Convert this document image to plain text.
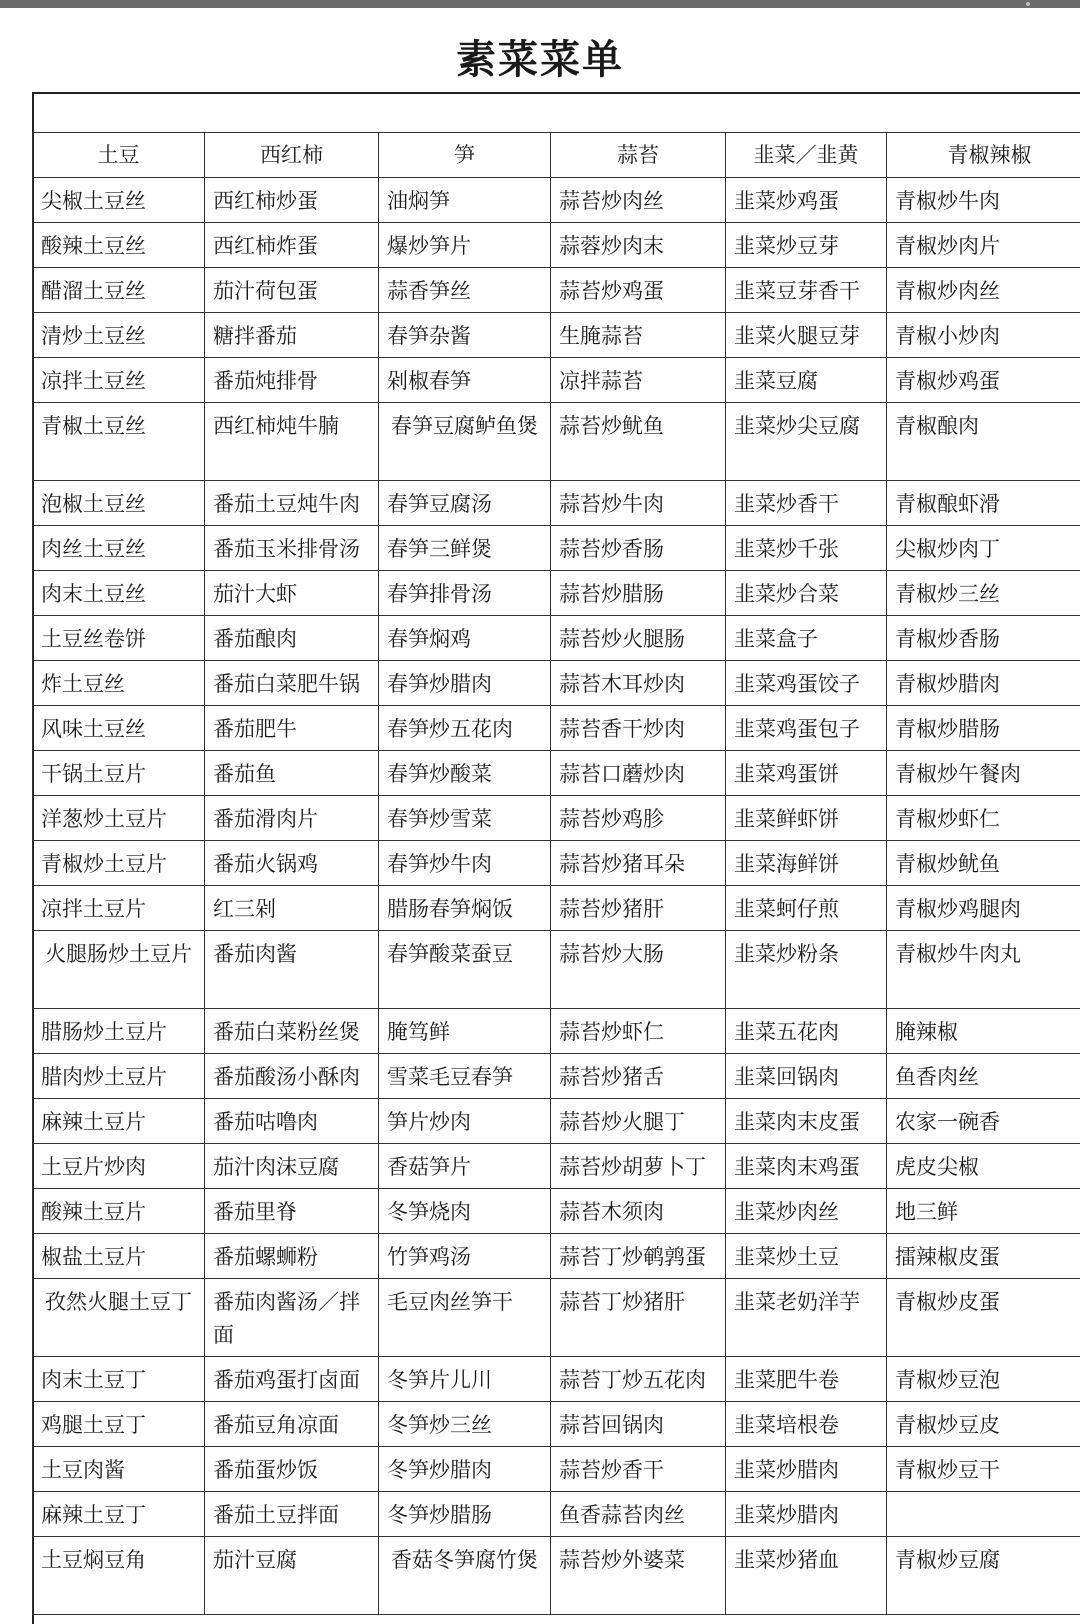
素菜菜单
土豆	西红柿	笋	蒜苔	韭菜／韭黄	青椒辣椒
尖椒土豆丝	西红柿炒蛋	油焖笋	蒜苔炒肉丝	韭菜炒鸡蛋	青椒炒牛肉
酸辣土豆丝	西红柿炸蛋	爆炒笋片	蒜蓉炒肉末	韭菜炒豆芽	青椒炒肉片
醋溜土豆丝	茄汁荷包蛋	蒜香笋丝	蒜苔炒鸡蛋	韭菜豆芽香干	青椒炒肉丝
清炒土豆丝	糖拌番茄	春笋杂酱	生腌蒜苔	韭菜火腿豆芽	青椒小炒肉
凉拌土豆丝	番茄炖排骨	剁椒春笋	凉拌蒜苔	韭菜豆腐	青椒炒鸡蛋
青椒土豆丝	西红柿炖牛腩	春笋豆腐鲈鱼煲	蒜苔炒鱿鱼	韭菜炒尖豆腐	青椒酿肉
泡椒土豆丝	番茄土豆炖牛肉	春笋豆腐汤	蒜苔炒牛肉	韭菜炒香干	青椒酿虾滑
肉丝土豆丝	番茄玉米排骨汤	春笋三鲜煲	蒜苔炒香肠	韭菜炒千张	尖椒炒肉丁
肉末土豆丝	茄汁大虾	春笋排骨汤	蒜苔炒腊肠	韭菜炒合菜	青椒炒三丝
土豆丝卷饼	番茄酿肉	春笋焖鸡	蒜苔炒火腿肠	韭菜盒子	青椒炒香肠
炸土豆丝	番茄白菜肥牛锅	春笋炒腊肉	蒜苔木耳炒肉	韭菜鸡蛋饺子	青椒炒腊肉
风味土豆丝	番茄肥牛	春笋炒五花肉	蒜苔香干炒肉	韭菜鸡蛋包子	青椒炒腊肠
干锅土豆片	番茄鱼	春笋炒酸菜	蒜苔口蘑炒肉	韭菜鸡蛋饼	青椒炒午餐肉
洋葱炒土豆片	番茄滑肉片	春笋炒雪菜	蒜苔炒鸡胗	韭菜鲜虾饼	青椒炒虾仁
青椒炒土豆片	番茄火锅鸡	春笋炒牛肉	蒜苔炒猪耳朵	韭菜海鲜饼	青椒炒鱿鱼
凉拌土豆片	红三剁	腊肠春笋焖饭	蒜苔炒猪肝	韭菜蚵仔煎	青椒炒鸡腿肉
火腿肠炒土豆片	番茄肉酱	春笋酸菜蚕豆	蒜苔炒大肠	韭菜炒粉条	青椒炒牛肉丸
腊肠炒土豆片	番茄白菜粉丝煲	腌笃鲜	蒜苔炒虾仁	韭菜五花肉	腌辣椒
腊肉炒土豆片	番茄酸汤小酥肉	雪菜毛豆春笋	蒜苔炒猪舌	韭菜回锅肉	鱼香肉丝
麻辣土豆片	番茄咕噜肉	笋片炒肉	蒜苔炒火腿丁	韭菜肉末皮蛋	农家一碗香
土豆片炒肉	茄汁肉沫豆腐	香菇笋片	蒜苔炒胡萝卜丁	韭菜肉末鸡蛋	虎皮尖椒
酸辣土豆片	番茄里脊	冬笋烧肉	蒜苔木须肉	韭菜炒肉丝	地三鲜
椒盐土豆片	番茄螺蛳粉	竹笋鸡汤	蒜苔丁炒鹌鹑蛋	韭菜炒土豆	擂辣椒皮蛋
孜然火腿土豆丁	番茄肉酱汤／拌面	毛豆肉丝笋干	蒜苔丁炒猪肝	韭菜老奶洋芋	青椒炒皮蛋
肉末土豆丁	番茄鸡蛋打卤面	冬笋片儿川	蒜苔丁炒五花肉	韭菜肥牛卷	青椒炒豆泡
鸡腿土豆丁	番茄豆角凉面	冬笋炒三丝	蒜苔回锅肉	韭菜培根卷	青椒炒豆皮
土豆肉酱	番茄蛋炒饭	冬笋炒腊肉	蒜苔炒香干	韭菜炒腊肉	青椒炒豆干
麻辣土豆丁	番茄土豆拌面	冬笋炒腊肠	鱼香蒜苔肉丝	韭菜炒腊肉	
土豆焖豆角	茄汁豆腐	香菇冬笋腐竹煲	蒜苔炒外婆菜	韭菜炒猪血	青椒炒豆腐
